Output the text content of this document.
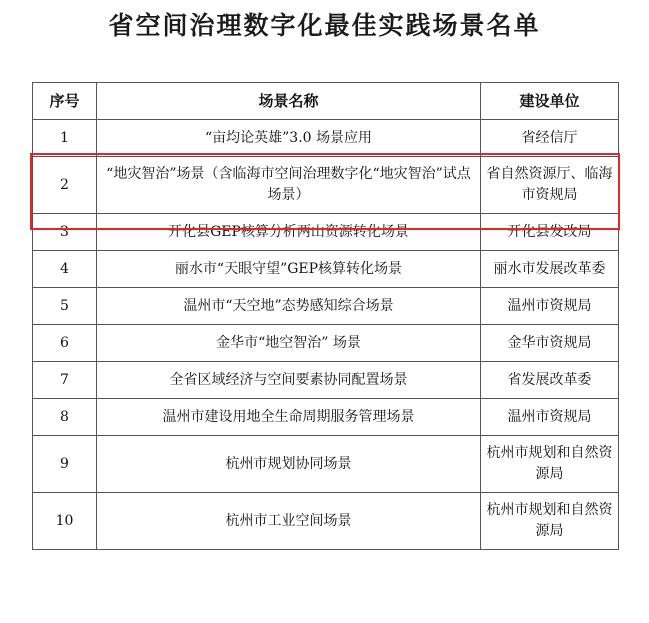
省空间治理数字化最佳实践场景名单
序号	场景名称	建设单位
1	“亩均论英雄”3.0 场景应用	省经信厅
2	“地灾智治”场景（含临海市空间治理数字化“地灾智治”试点场景）	省自然资源厅、临海市资规局
3	开化县GEP核算分析两山资源转化场景	开化县发改局
4	丽水市“天眼守望”GEP核算转化场景	丽水市发展改革委
5	温州市“天空地”态势感知综合场景	温州市资规局
6	金华市“地空智治” 场景	金华市资规局
7	全省区域经济与空间要素协同配置场景	省发展改革委
8	温州市建设用地全生命周期服务管理场景	温州市资规局
9	杭州市规划协同场景	杭州市规划和自然资源局
10	杭州市工业空间场景	杭州市规划和自然资源局
